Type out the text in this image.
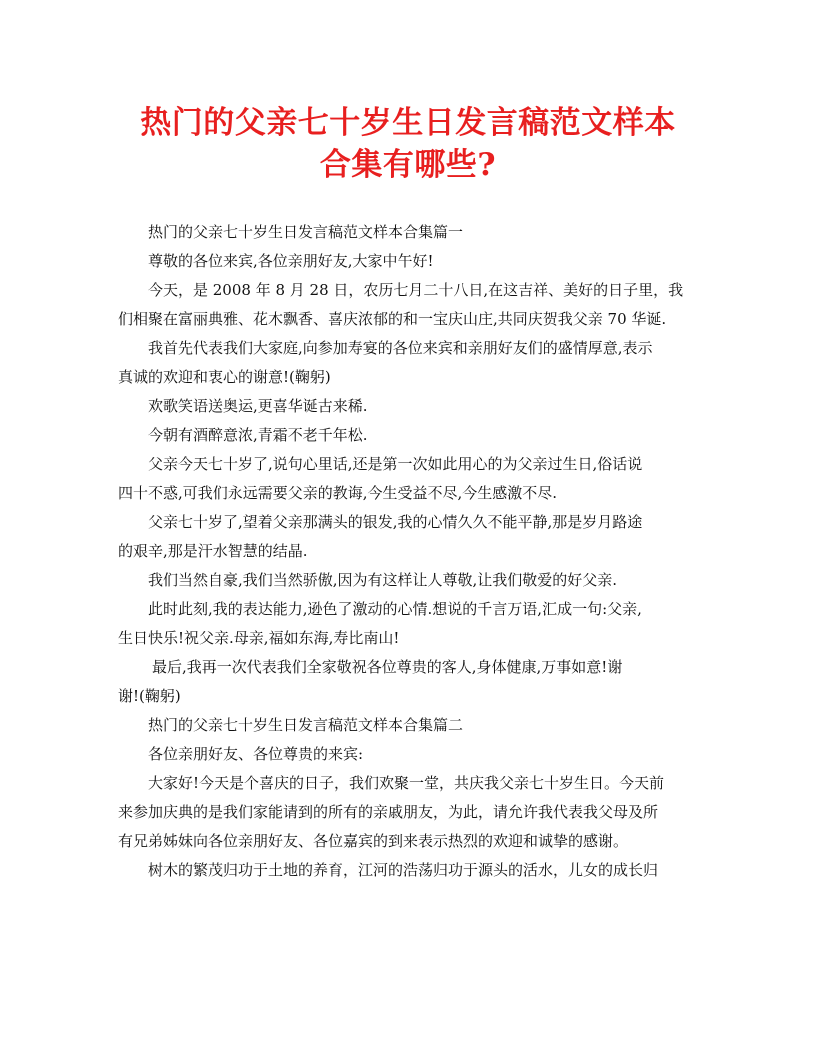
热门的父亲七十岁生日发言稿范文样本
合集有哪些?

热门的父亲七十岁生日发言稿范文样本合集篇一

尊敬的各位来宾,各位亲朋好友,大家中午好!

今天，是 2008 年 8 月 28 日，农历七月二十八日,在这吉祥、美好的日子里，我

们相聚在富丽典雅、花木飘香、喜庆浓郁的和一宝庆山庄,共同庆贺我父亲 70 华诞.

我首先代表我们大家庭,向参加寿宴的各位来宾和亲朋好友们的盛情厚意,表示

真诚的欢迎和衷心的谢意!(鞠躬)

欢歌笑语送奥运,更喜华诞古来稀.

今朝有酒醉意浓,青霜不老千年松.

父亲今天七十岁了,说句心里话,还是第一次如此用心的为父亲过生日,俗话说

四十不惑,可我们永远需要父亲的教诲,今生受益不尽,今生感激不尽.

父亲七十岁了,望着父亲那满头的银发,我的心情久久不能平静,那是岁月路途

的艰辛,那是汗水智慧的结晶.

我们当然自豪,我们当然骄傲,因为有这样让人尊敬,让我们敬爱的好父亲.

此时此刻,我的表达能力,逊色了激动的心情.想说的千言万语,汇成一句:父亲,

生日快乐!祝父亲.母亲,福如东海,寿比南山!

最后,我再一次代表我们全家敬祝各位尊贵的客人,身体健康,万事如意!谢

谢!(鞠躬)

热门的父亲七十岁生日发言稿范文样本合集篇二

各位亲朋好友、各位尊贵的来宾:

大家好!今天是个喜庆的日子，我们欢聚一堂，共庆我父亲七十岁生日。今天前

来参加庆典的是我们家能请到的所有的亲戚朋友，为此，请允许我代表我父母及所

有兄弟姊妹向各位亲朋好友、各位嘉宾的到来表示热烈的欢迎和诚挚的感谢。

树木的繁茂归功于土地的养育，江河的浩荡归功于源头的活水，儿女的成长归
